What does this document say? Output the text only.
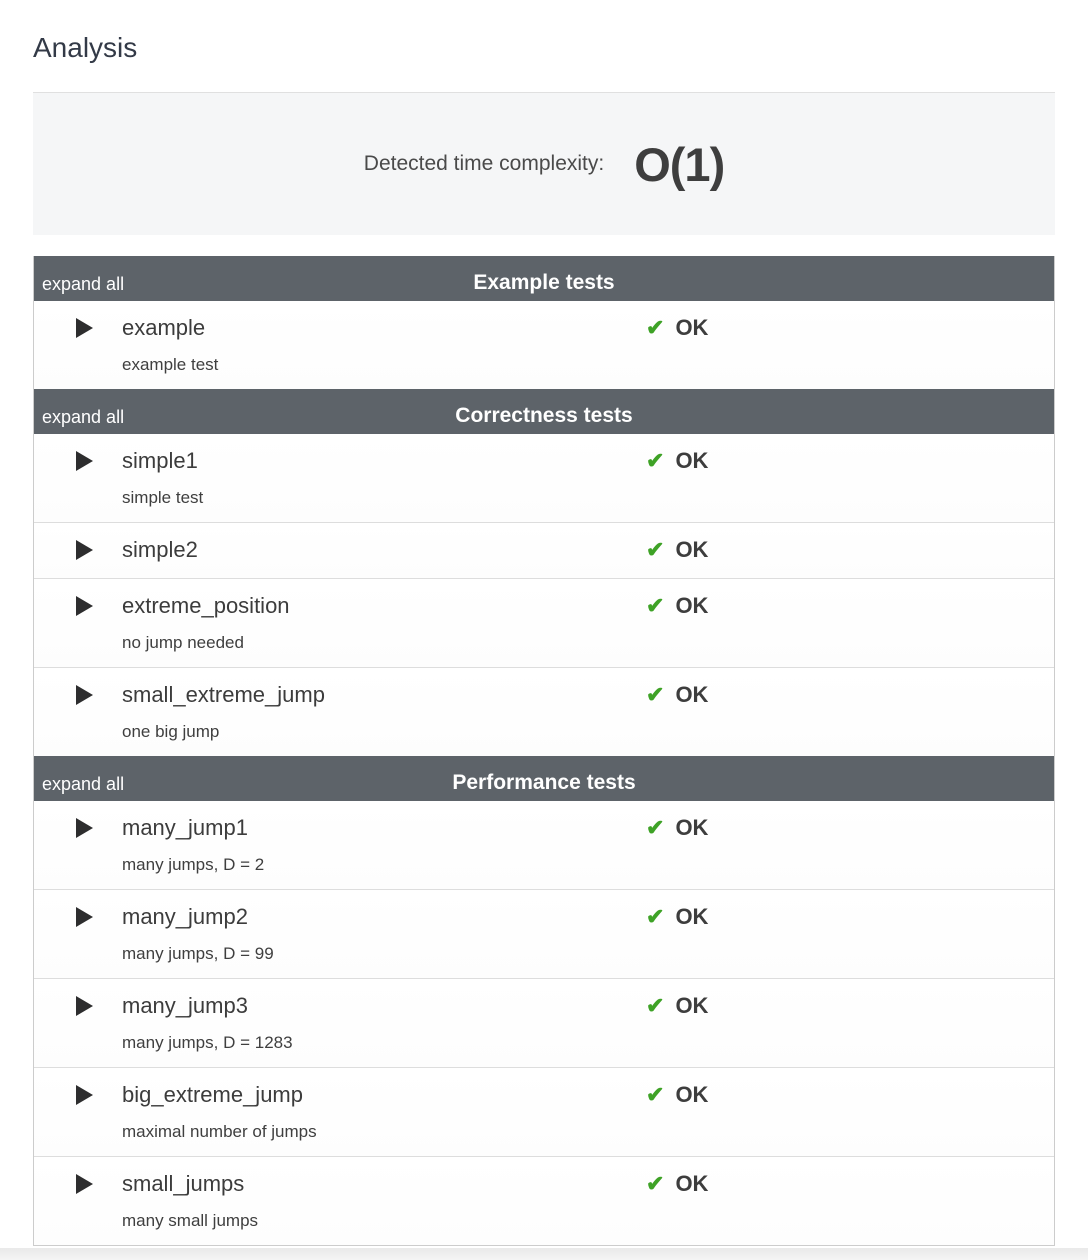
Analysis
Detected time complexity: O(1)
expand all	Example tests
example	✔ OK
example test
expand all	Correctness tests
simple1	✔ OK
simple test
simple2	✔ OK
extreme_position	✔ OK
no jump needed
small_extreme_jump	✔ OK
one big jump
expand all	Performance tests
many_jump1	✔ OK
many jumps, D = 2
many_jump2	✔ OK
many jumps, D = 99
many_jump3	✔ OK
many jumps, D = 1283
big_extreme_jump	✔ OK
maximal number of jumps
small_jumps	✔ OK
many small jumps
